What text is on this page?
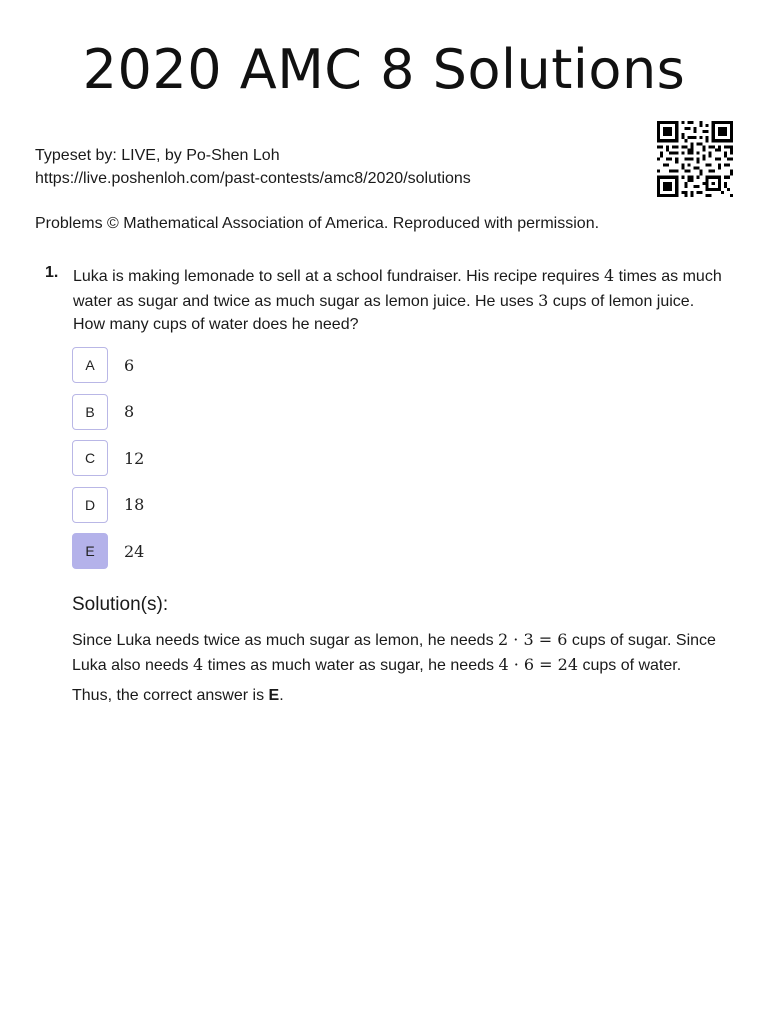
2020 AMC 8 Solutions
Typeset by: LIVE, by Po-Shen Loh
https://live.poshenloh.com/past-contests/amc8/2020/solutions
Problems © Mathematical Association of America. Reproduced with permission.
1. Luka is making lemonade to sell at a school fundraiser. His recipe requires 4 times as much water as sugar and twice as much sugar as lemon juice. He uses 3 cups of lemon juice. How many cups of water does he need?
A	6
B	8
C	12
D	18
E	24
Solution(s):

Since Luka needs twice as much sugar as lemon, he needs 2 · 3 = 6 cups of sugar. Since Luka also needs 4 times as much water as sugar, he needs 4 · 6 = 24 cups of water.

Thus, the correct answer is E.
